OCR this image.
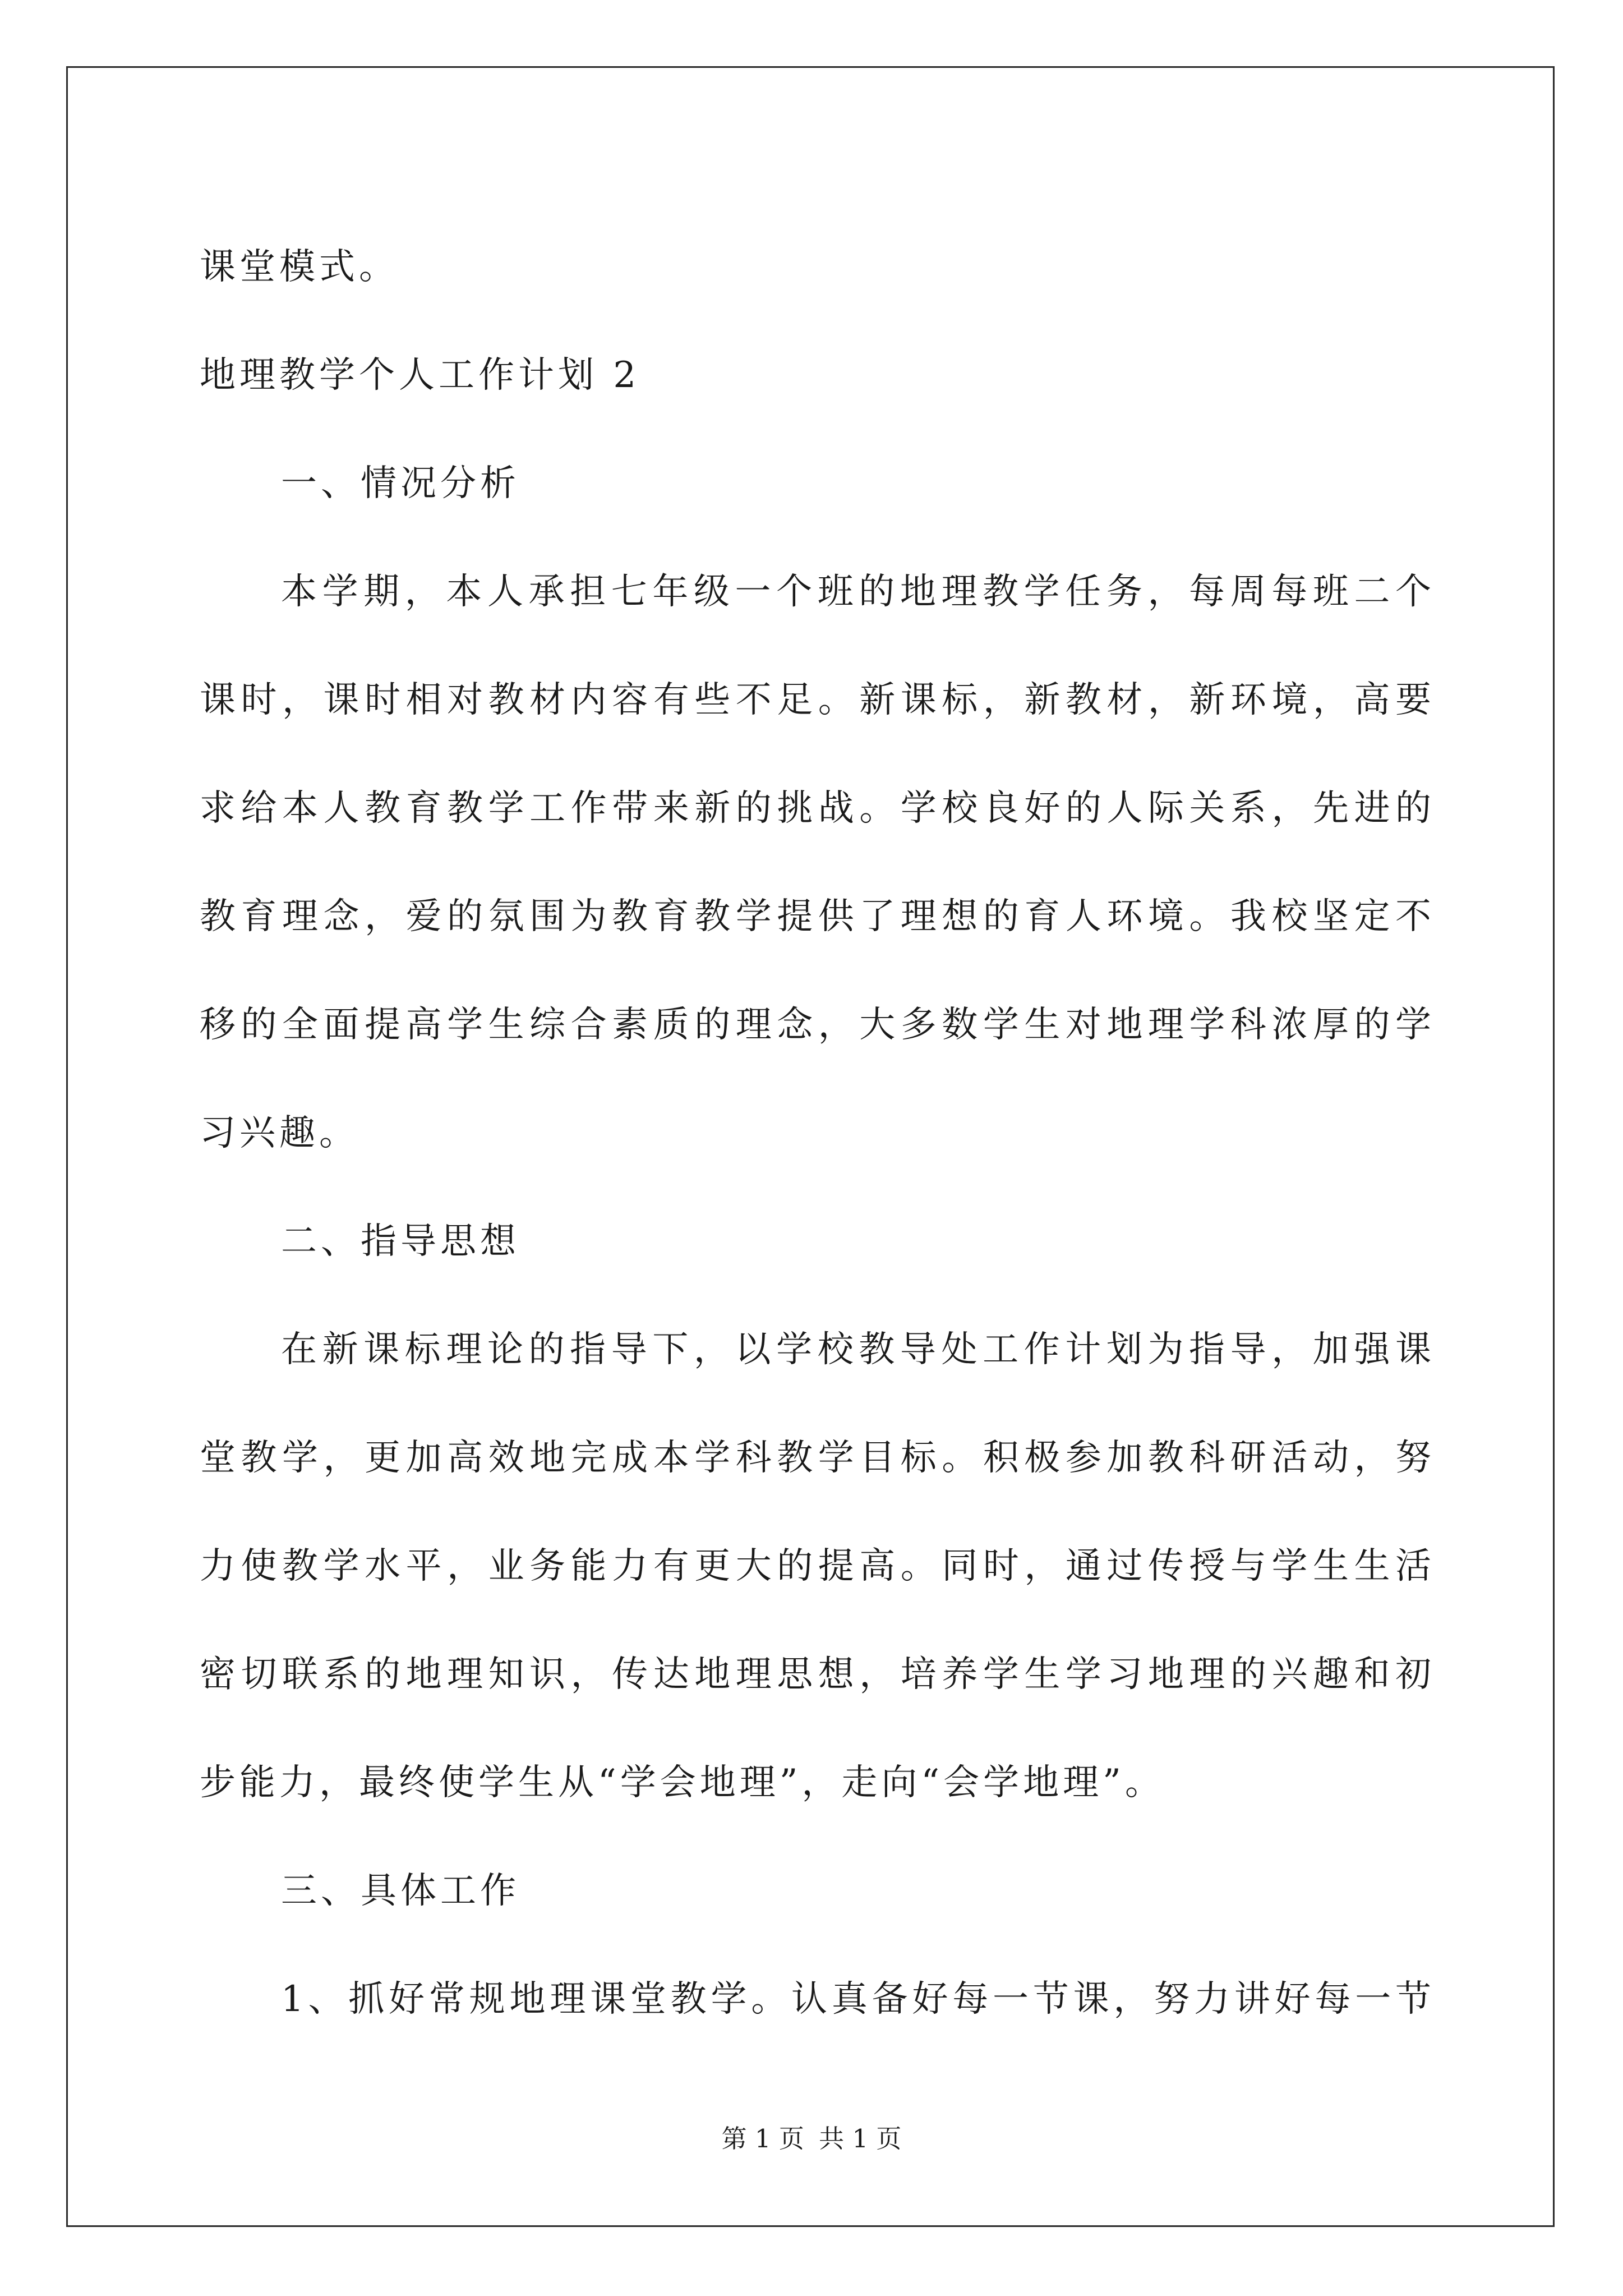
课堂模式。
地理教学个人工作计划 2
一、情况分析
本学期，本人承担七年级一个班的地理教学任务，每周每班二个
课时，课时相对教材内容有些不足。新课标，新教材，新环境，高要
求给本人教育教学工作带来新的挑战。学校良好的人际关系，先进的
教育理念，爱的氛围为教育教学提供了理想的育人环境。我校坚定不
移的全面提高学生综合素质的理念，大多数学生对地理学科浓厚的学
习兴趣。
二、指导思想
在新课标理论的指导下，以学校教导处工作计划为指导，加强课
堂教学，更加高效地完成本学科教学目标。积极参加教科研活动，努
力使教学水平，业务能力有更大的提高。同时，通过传授与学生生活
密切联系的地理知识，传达地理思想，培养学生学习地理的兴趣和初
步能力，最终使学生从“学会地理”，走向“会学地理”。
三、具体工作
1、抓好常规地理课堂教学。认真备好每一节课，努力讲好每一节
第 1 页 共 1 页
